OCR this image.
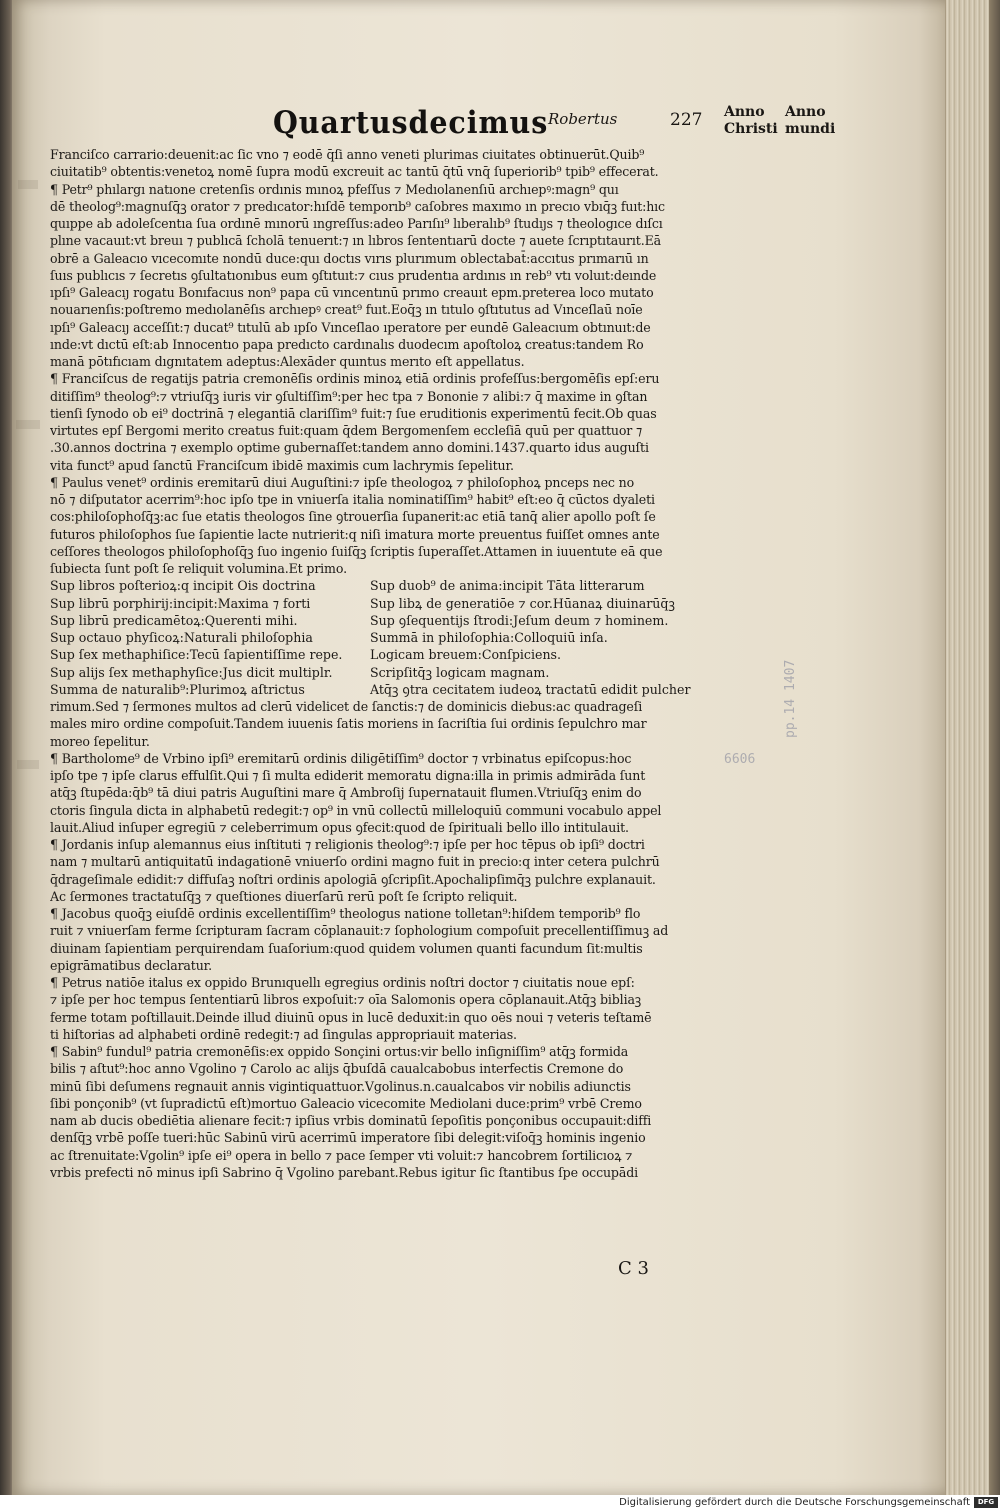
Quartusdecimus Robertus	227 Anno Christi
Anno mundi
Franciſco carrario:deuenit:ac ſic vno ⁊ eodē q̄ſi anno veneti plurimas ciuitates obtinuerūt.Quib⁹
ciuitatib⁹ obtentis:venetoꝝ nomē ſupra modū excreuit ac tantū q̄tū vnq̄ ſuperiorib⁹ tpib⁹ effecerat.
¶ Petr⁹ phılargı natıone cretenſis ordınis mınoꝝ pfeſſus ⁊ Medıolanenſıū archıepꝰ:magn⁹ quı
dē theolog⁹:magnuſq̄ꝫ orator ⁊ predıcator:hıſdē temporıb⁹ caſobres maxımo ın precıo vbıq̄ꝫ fuıt:hıc
quıppe ab adoleſcentıa ſua ordınē mınorū ıngreſſus:adeo Parıſıı⁹ lıberalıb⁹ ſtudıȷs ⁊ theologıce dıſcı
plıne vacauıt:vt breuı ⁊ publıcā ſcholā tenuerıt:⁊ ın lıbros ſententıarū docte ⁊ auete ſcrıptıtaurıt.Eā
obrē a Galeacıo vıcecomıte nondū duce:quı doctıs vırıs plurımum oblectabat̄:accıtus prımarıū ın
ſuıs publıcıs ⁊ ſecretıs ꝯſultatıonıbus eum ꝯſtıtuıt:⁊ cıus prudentıa ardınıs ın reb⁹ vtı voluıt:deınde
ıpſı⁹ Galeacıȷ rogatu Bonıfacıus non⁹ papa cū vıncentınū prımo creauıt epm.preterea loco mutato
nouarıenſıs:poſtremo medıolanēſıs archıepꝰ creat⁹ fuıt.Eoq̄ꝫ ın tıtulo ꝯſtıtutus ad Vınceſlaū noīe
ıpſı⁹ Galeacıȷ acceſſıt:⁊ ducat⁹ tıtulū ab ıpſo Vınceſlao ıperatore per eundē Galeacıum obtınuıt:de
ınde:vt dıctū eſt:ab Innocentıo papa predıcto cardınalıs duodecım apoſtoloꝝ creatus:tandem Ro
manā pōtıfıcıam dıgnıtatem adeptus:Alexāder quıntus merıto eſt appellatus.
¶ Franciſcus de regatijs patria cremonēſis ordinis minoꝝ etiā ordinis profeſſus:bergomēſis epſ:eru
ditiſſim⁹ theolog⁹:⁊ vtriuſq̄ꝫ iuris vir ꝯſultiſſim⁹:per hec tpa ⁊ Bononie ⁊ alibi:⁊ q̄ maxime in ꝯſtan
tienſi ſynodo ob ei⁹ doctrinā ⁊ elegantiā clariſſim⁹ fuit:⁊ ſue eruditionis experimentū fecit.Ob quas
virtutes epſ Bergomi merito creatus fuit:quam q̄dem Bergomenſem eccleſiā quū per quattuor ⁊
.30.annos doctrina ⁊ exemplo optime gubernaſſet:tandem anno domini.1437.quarto idus auguſti
vita funct⁹ apud ſanctū Franciſcum ibidē maximis cum lachrymis ſepelitur.
¶ Paulus venet⁹ ordinis eremitarū diui Auguſtini:⁊ ipſe theologoꝝ ⁊ philoſophoꝝ pnceps nec no
nō ⁊ diſputator acerrim⁹:hoc ipſo tpe in vniuerſa italia nominatiſſim⁹ habit⁹ eſt:eo q̄ cūctos dyaleti
cos:philoſophoſq̄ꝫ:ac ſue etatis theologos ſine ꝯtrouerſia ſupanerit:ac etiā tanq̄ alier apollo poſt ſe
futuros philoſophos ſue ſapientie lacte nutrierit:q niſi imatura morte preuentus fuiſſet omnes ante
ceſſores theologos philoſophoſq̄ꝫ ſuo ingenio ſuiſq̄ꝫ ſcriptis ſuperaſſet.Attamen in iuuentute eā que
ſubiecta ſunt poſt ſe reliquit volumina.Et primo.
Sup libros poſterioꝝ:q incipit Ois doctrina	Sup duob⁹ de anima:incipit Tāta litterarum
Sup librū porphirij:incipit:Maxima ⁊ forti	Sup libꝝ de generatiōe ⁊ cor.Hūanaꝝ diuinarūq̄ꝫ
Sup librū predicamētoꝝ:Querenti mihi.	Sup ꝯſequentijs ſtrodi:Jeſum deum ⁊ hominem.
Sup octauo phyſicoꝝ:Naturali philoſophia	Summā in philoſophia:Colloquiū inſa.
Sup ſex methaphiſice:Tecū ſapientiſſime repe. Logicam breuem:Conſpiciens.
Sup alijs ſex methaphyſice:Jus dicit multiplr.	Scripſitq̄ꝫ logicam magnam.
Summa de naturalib⁹:Plurimoꝝ aſtrictus	Atq̄ꝫ ꝯtra cecitatem iudeoꝝ tractatū edidit pulcher
rimum.Sed ⁊ ſermones multos ad clerū videlicet de ſanctis:⁊ de dominicis diebus:ac quadrageſi
males miro ordine compoſuit.Tandem iuuenis ſatis moriens in ſacriſtia ſui ordinis ſepulchro mar
moreo ſepelitur.
¶ Bartholome⁹ de Vrbino ipſi⁹ eremitarū ordinis diligētiſſim⁹ doctor ⁊ vrbinatus epiſcopus:hoc
ipſo tpe ⁊ ipſe clarus effulſit.Qui ⁊ ſi multa ediderit memoratu digna:illa in primis admirāda ſunt
atq̄ꝫ ſtupēda:q̄b⁹ tā diui patris Auguſtini mare q̄ Ambroſij ſupernatauit flumen.Vtriuſq̄ꝫ enim do
ctoris ſingula dicta in alphabetū redegit:⁊ op⁹ in vnū collectū milleloquiū communi vocabulo appel
lauit.Aliud inſuper egregiū ⁊ celeberrimum opus ꝯfecit:quod de ſpirituali bello illo intitulauit.
¶ Jordanis inſup alemannus eius inſtituti ⁊ religionis theolog⁹:⁊ ipſe per hoc tēpus ob ipſi⁹ doctri
nam ⁊ multarū antiquitatū indagationē vniuerſo ordini magno fuit in precio:q inter cetera pulchrū
q̄drageſimale edidit:⁊ diffuſaꝫ noſtri ordinis apologiā ꝯſcripſit.Apochalipſimq̄ꝫ pulchre explanauit.
Ac ſermones tractatuſq̄ꝫ ⁊ queſtiones diuerſarū rerū poſt ſe ſcripto reliquit.
¶ Jacobus quoq̄ꝫ eiuſdē ordinis excellentiſſim⁹ theologus natione tolletan⁹:hiſdem temporib⁹ flo
ruit ⁊ vniuerſam ferme ſcripturam ſacram cōplanauit:⁊ ſophologium compoſuit precellentiſſimuꝫ ad
diuinam ſapientiam perquirendam ſuaſorium:quod quidem volumen quanti facundum ſit:multis
epigrāmatibus declaratur.
¶ Petrus natiōe italus ex oppido Brunıquellı egregius ordinis noſtri doctor ⁊ ciuitatis noue epſ:
⁊ ipſe per hoc tempus ſententiarū libros expoſuit:⁊ oīa Salomonis opera cōplanauit.Atq̄ꝫ bibliaꝫ
ferme totam poſtillauit.Deinde illud diuinū opus in lucē deduxit:in quo oēs noui ⁊ veteris teſtamē
ti hiſtorias ad alphabeti ordinē redegit:⁊ ad ſingulas appropriauit materias.
¶ Sabin⁹ fundul⁹ patria cremonēſis:ex oppido Sonçini ortus:vir bello inſigniſſim⁹ atq̄ꝫ formida
bilis ⁊ aſtut⁹:hoc anno Vgolino ⁊ Carolo ac alijs q̄buſdā caualcabobus interfectis Cremone do
minū ſibi deſumens regnauit annis vigintiquattuor.Vgolinus.n.caualcabos vir nobilis adiunctis
ſibi ponçonib⁹ (vt ſupradictū eſt)mortuo Galeacio vicecomite Mediolani duce:prim⁹ vrbē Cremo
nam ab ducis obediētia alienare fecit:⁊ ipſius vrbis dominatū ſepoſitis ponçonibus occupauit:diffi
denſq̄ꝫ vrbē poſſe tueri:hūc Sabinū virū acerrimū imperatore ſibi delegit:viſoq̄ꝫ hominis ingenio
ac ſtrenuitate:Vgolin⁹ ipſe ei⁹ opera in bello ⁊ pace ſemper vti voluit:⁊ hancobrem ſortilicıoꝝ ⁊
vrbis prefecti nō minus ipſi Sabrino q̄ Vgolino parebant.Rebus igitur ſic ſtantibus ſpe occupādi
C 3
6606
pp.14 1407
Digitalisierung gefördert durch die Deutsche Forschungsgemeinschaft	DFG
